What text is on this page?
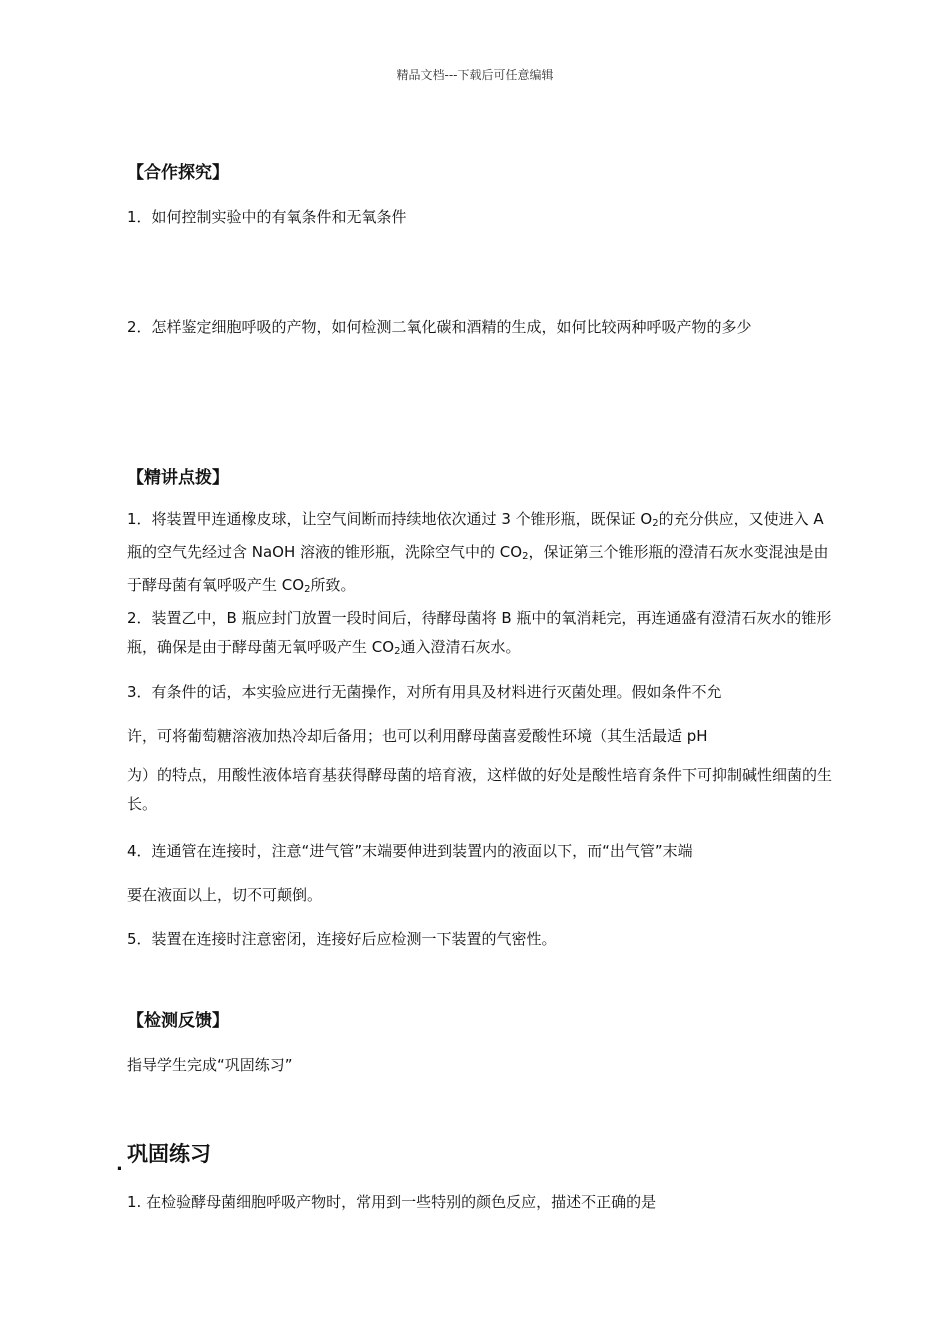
精品文档---下载后可任意编辑
【合作探究】
1．如何控制实验中的有氧条件和无氧条件
2．怎样鉴定细胞呼吸的产物，如何检测二氧化碳和酒精的生成，如何比较两种呼吸产物的多少
【精讲点拨】
1．将装置甲连通橡皮球，让空气间断而持续地依次通过 3 个锥形瓶，既保证 $O_2$的充分供应，又使进入 A 瓶的空气先经过含 NaOH 溶液的锥形瓶，洗除空气中的 $CO_2$，保证第三个锥形瓶的澄清石灰水变混浊是由于酵母菌有氧呼吸产生 $CO_2$所致。
2．装置乙中，B 瓶应封门放置一段时间后，待酵母菌将 B 瓶中的氧消耗完，再连通盛有澄清石灰水的锥形瓶，确保是由于酵母菌无氧呼吸产生 $CO_2$通入澄清石灰水。
3．有条件的话，本实验应进行无菌操作，对所有用具及材料进行灭菌处理。假如条件不允
许，可将葡萄糖溶液加热冷却后备用；也可以利用酵母菌喜爱酸性环境（其生活最适 pH
为）的特点，用酸性液体培育基获得酵母菌的培育液，这样做的好处是酸性培育条件下可抑制碱性细菌的生长。
4．连通管在连接时，注意“进气管”末端要伸进到装置内的液面以下，而“出气管”末端
要在液面以上，切不可颠倒。
5．装置在连接时注意密闭，连接好后应检测一下装置的气密性。
【检测反馈】
指导学生完成“巩固练习”
. 巩固练习
1. 在检验酵母菌细胞呼吸产物时，常用到一些特别的颜色反应，描述不正确的是
